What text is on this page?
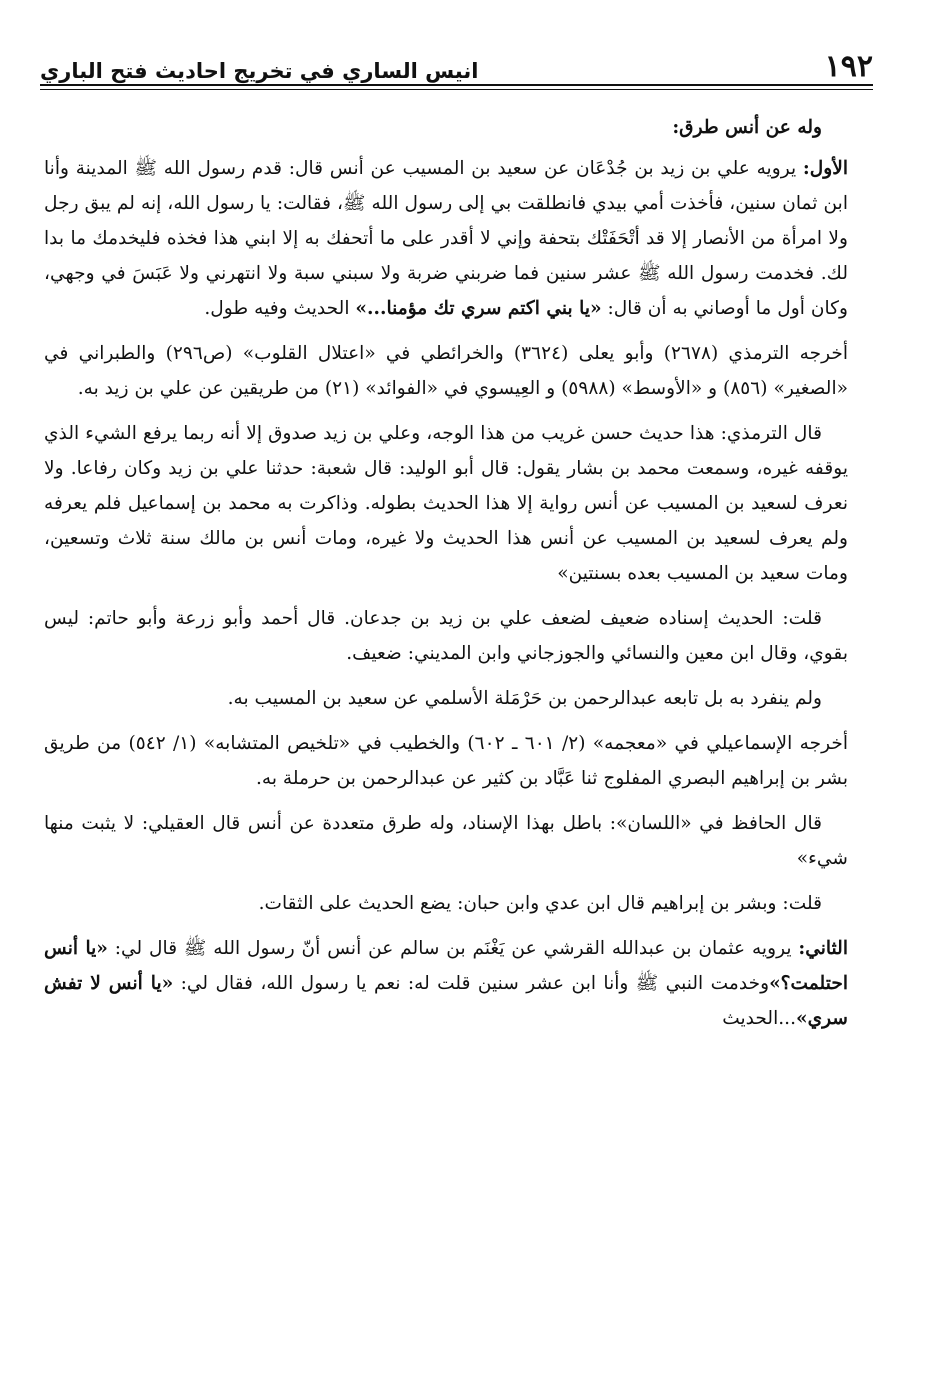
١٩٢
انيس الساري في تخريج احاديث فتح الباري

وله عن أنس طرق:

الأول: يرويه علي بن زيد بن جُدْعَان عن سعيد بن المسيب عن أنس قال: قدم رسول الله ﷺ المدينة وأنا ابن ثمان سنين، فأخذت أمي بيدي فانطلقت بي إلى رسول الله ﷺ، فقالت: يا رسول الله، إنه لم يبق رجل ولا امرأة من الأنصار إلا قد أتْحَفَتْك بتحفة وإني لا أقدر على ما أتحفك به إلا ابني هذا فخذه فليخدمك ما بدا لك. فخدمت رسول الله ﷺ عشر سنين فما ضربني ضربة ولا سبني سبة ولا انتهرني ولا عَبَسَ في وجهي، وكان أول ما أوصاني به أن قال: «يا بني اكتم سري تك مؤمنا...» الحديث وفيه طول.

أخرجه الترمذي (٢٦٧٨) وأبو يعلى (٣٦٢٤) والخرائطي في «اعتلال القلوب» (ص٢٩٦) والطبراني في «الصغير» (٨٥٦) و «الأوسط» (٥٩٨٨) و العِيسوي في «الفوائد» (٢١) من طريقين عن علي بن زيد به.

قال الترمذي: هذا حديث حسن غريب من هذا الوجه، وعلي بن زيد صدوق إلا أنه ربما يرفع الشيء الذي يوقفه غيره، وسمعت محمد بن بشار يقول: قال أبو الوليد: قال شعبة: حدثنا علي بن زيد وكان رفاعا. ولا نعرف لسعيد بن المسيب عن أنس رواية إلا هذا الحديث بطوله. وذاكرت به محمد بن إسماعيل فلم يعرفه ولم يعرف لسعيد بن المسيب عن أنس هذا الحديث ولا غيره، ومات أنس بن مالك سنة ثلاث وتسعين، ومات سعيد بن المسيب بعده بسنتين»

قلت: الحديث إسناده ضعيف لضعف علي بن زيد بن جدعان. قال أحمد وأبو زرعة وأبو حاتم: ليس بقوي، وقال ابن معين والنسائي والجوزجاني وابن المديني: ضعيف.

ولم ينفرد به بل تابعه عبدالرحمن بن حَرْمَلة الأسلمي عن سعيد بن المسيب به.

أخرجه الإسماعيلي في «معجمه» (٢/ ٦٠١ ـ ٦٠٢) والخطيب في «تلخيص المتشابه» (١/ ٥٤٢) من طريق بشر بن إبراهيم البصري المفلوج ثنا عَبَّاد بن كثير عن عبدالرحمن بن حرملة به.

قال الحافظ في «اللسان»: باطل بهذا الإسناد، وله طرق متعددة عن أنس قال العقيلي: لا يثبت منها شيء»

قلت: وبشر بن إبراهيم قال ابن عدي وابن حبان: يضع الحديث على الثقات.

الثاني: يرويه عثمان بن عبدالله القرشي عن يَغْنَم بن سالم عن أنس أنّ رسول الله ﷺ قال لي: «يا أنس احتلمت؟»وخدمت النبي ﷺ وأنا ابن عشر سنين قلت له: نعم يا رسول الله، فقال لي: «يا أنس لا تفش سري»...الحديث
